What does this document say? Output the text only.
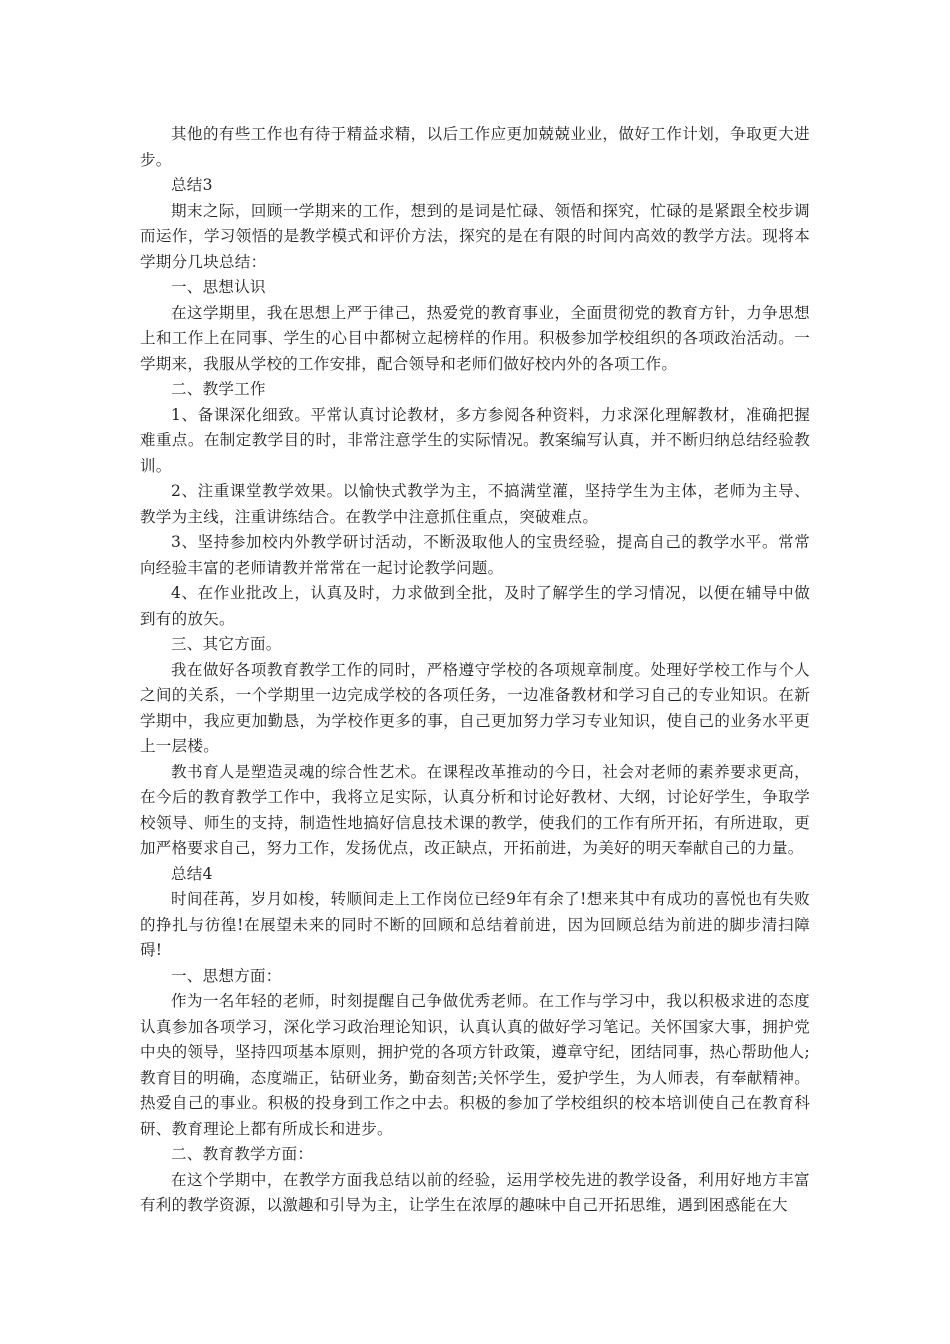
其他的有些工作也有待于精益求精，以后工作应更加兢兢业业，做好工作计划，争取更大进步。

总结3

期末之际，回顾一学期来的工作，想到的是词是忙碌、领悟和探究，忙碌的是紧跟全校步调而运作，学习领悟的是教学模式和评价方法，探究的是在有限的时间内高效的教学方法。现将本学期分几块总结：

一、思想认识

在这学期里，我在思想上严于律己，热爱党的教育事业，全面贯彻党的教育方针，力争思想上和工作上在同事、学生的心目中都树立起榜样的作用。积极参加学校组织的各项政治活动。一学期来，我服从学校的工作安排，配合领导和老师们做好校内外的各项工作。

二、教学工作

1、备课深化细致。平常认真讨论教材，多方参阅各种资料，力求深化理解教材，准确把握难重点。在制定教学目的时，非常注意学生的实际情况。教案编写认真，并不断归纳总结经验教训。

2、注重课堂教学效果。以愉快式教学为主，不搞满堂灌，坚持学生为主体，老师为主导、教学为主线，注重讲练结合。在教学中注意抓住重点，突破难点。

3、坚持参加校内外教学研讨活动，不断汲取他人的宝贵经验，提高自己的教学水平。常常向经验丰富的老师请教并常常在一起讨论教学问题。

4、在作业批改上，认真及时，力求做到全批，及时了解学生的学习情况，以便在辅导中做到有的放矢。

三、其它方面。

我在做好各项教育教学工作的同时，严格遵守学校的各项规章制度。处理好学校工作与个人之间的关系，一个学期里一边完成学校的各项任务，一边准备教材和学习自己的专业知识。在新学期中，我应更加勤恳，为学校作更多的事，自己更加努力学习专业知识，使自己的业务水平更上一层楼。

教书育人是塑造灵魂的综合性艺术。在课程改革推动的今日，社会对老师的素养要求更高，在今后的教育教学工作中，我将立足实际，认真分析和讨论好教材、大纲，讨论好学生，争取学校领导、师生的支持，制造性地搞好信息技术课的教学，使我们的工作有所开拓，有所进取，更加严格要求自己，努力工作，发扬优点，改正缺点，开拓前进，为美好的明天奉献自己的力量。

总结4

时间荏苒，岁月如梭，转顺间走上工作岗位已经9年有余了!想来其中有成功的喜悦也有失败的挣扎与彷徨!在展望未来的同时不断的回顾和总结着前进，因为回顾总结为前进的脚步清扫障碍!

一、思想方面：

作为一名年轻的老师，时刻提醒自己争做优秀老师。在工作与学习中，我以积极求进的态度认真参加各项学习，深化学习政治理论知识，认真认真的做好学习笔记。关怀国家大事，拥护党中央的领导，坚持四项基本原则，拥护党的各项方针政策，遵章守纪，团结同事，热心帮助他人;教育目的明确，态度端正，钻研业务，勤奋刻苦;关怀学生，爱护学生，为人师表，有奉献精神。热爱自己的事业。积极的投身到工作之中去。积极的参加了学校组织的校本培训使自己在教育科研、教育理论上都有所成长和进步。

二、教育教学方面：

在这个学期中，在教学方面我总结以前的经验，运用学校先进的教学设备，利用好地方丰富有利的教学资源，以激趣和引导为主，让学生在浓厚的趣味中自己开拓思维，遇到困惑能在大
